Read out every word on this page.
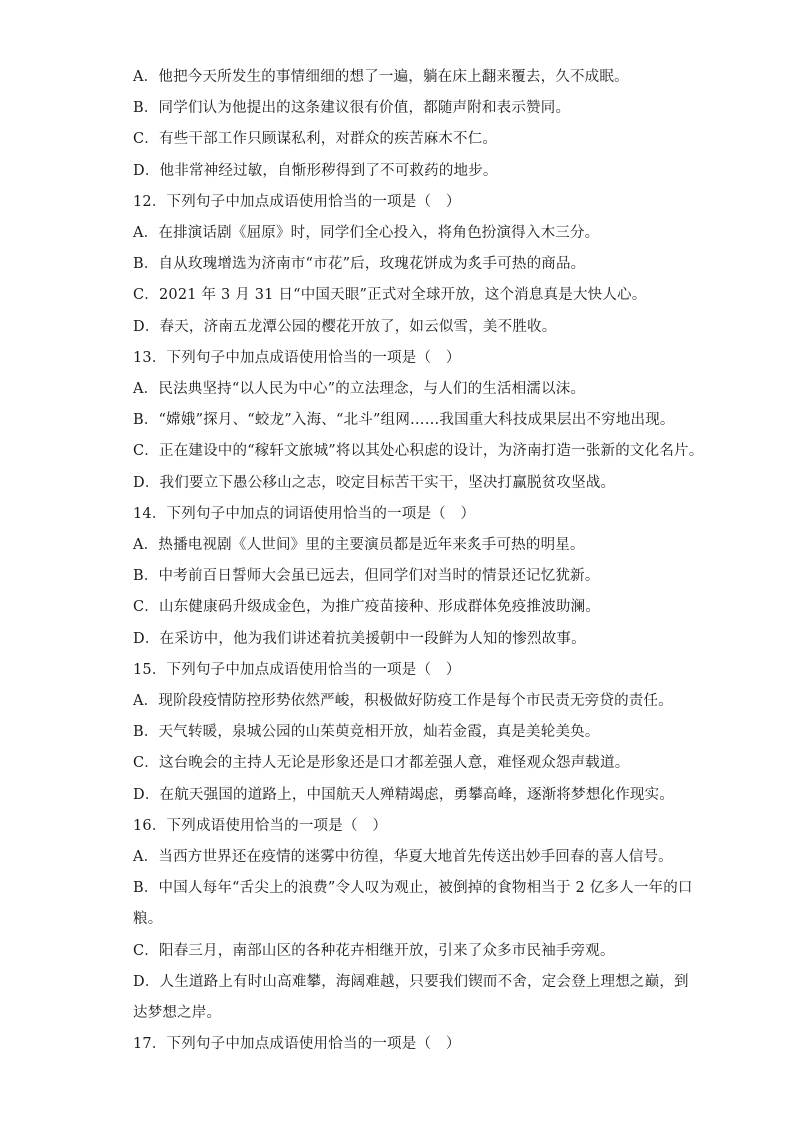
A．他把今天所发生的事情细细的想了一遍，躺在床上翻来覆去，久不成眠。
B．同学们认为他提出的这条建议很有价值，都随声附和表示赞同。
C．有些干部工作只顾谋私利，对群众的疾苦麻木不仁。
D．他非常神经过敏，自惭形秽得到了不可救药的地步。
12．下列句子中加点成语使用恰当的一项是（　）
A．在排演话剧《屈原》时，同学们全心投入，将角色扮演得入木三分。
B．自从玫瑰增选为济南市“市花”后，玫瑰花饼成为炙手可热的商品。
C．2021 年 3 月 31 日“中国天眼”正式对全球开放，这个消息真是大快人心。
D．春天，济南五龙潭公园的樱花开放了，如云似雪，美不胜收。
13．下列句子中加点成语使用恰当的一项是（　）
A．民法典坚持“以人民为中心”的立法理念，与人们的生活相濡以沫。
B．“嫦娥”探月、“蛟龙”入海、“北斗”组网……我国重大科技成果层出不穷地出现。
C．正在建设中的“稼轩文旅城”将以其处心积虑的设计，为济南打造一张新的文化名片。
D．我们要立下愚公移山之志，咬定目标苦干实干，坚决打赢脱贫攻坚战。
14．下列句子中加点的词语使用恰当的一项是（　）
A．热播电视剧《人世间》里的主要演员都是近年来炙手可热的明星。
B．中考前百日誓师大会虽已远去，但同学们对当时的情景还记忆犹新。
C．山东健康码升级成金色，为推广疫苗接种、形成群体免疫推波助澜。
D．在采访中，他为我们讲述着抗美援朝中一段鲜为人知的惨烈故事。
15．下列句子中加点成语使用恰当的一项是（　）
A．现阶段疫情防控形势依然严峻，积极做好防疫工作是每个市民责无旁贷的责任。
B．天气转暖，泉城公园的山茱萸竞相开放，灿若金霞，真是美轮美奂。
C．这台晚会的主持人无论是形象还是口才都差强人意，难怪观众怨声载道。
D．在航天强国的道路上，中国航天人殚精竭虑，勇攀高峰，逐渐将梦想化作现实。
16．下列成语使用恰当的一项是（　）
A．当西方世界还在疫情的迷雾中彷徨，华夏大地首先传送出妙手回春的喜人信号。
B．中国人每年“舌尖上的浪费”令人叹为观止，被倒掉的食物相当于 2 亿多人一年的口
粮。
C．阳春三月，南部山区的各种花卉相继开放，引来了众多市民袖手旁观。
D．人生道路上有时山高难攀，海阔难越，只要我们锲而不舍，定会登上理想之巅，到
达梦想之岸。
17．下列句子中加点成语使用恰当的一项是（　）
